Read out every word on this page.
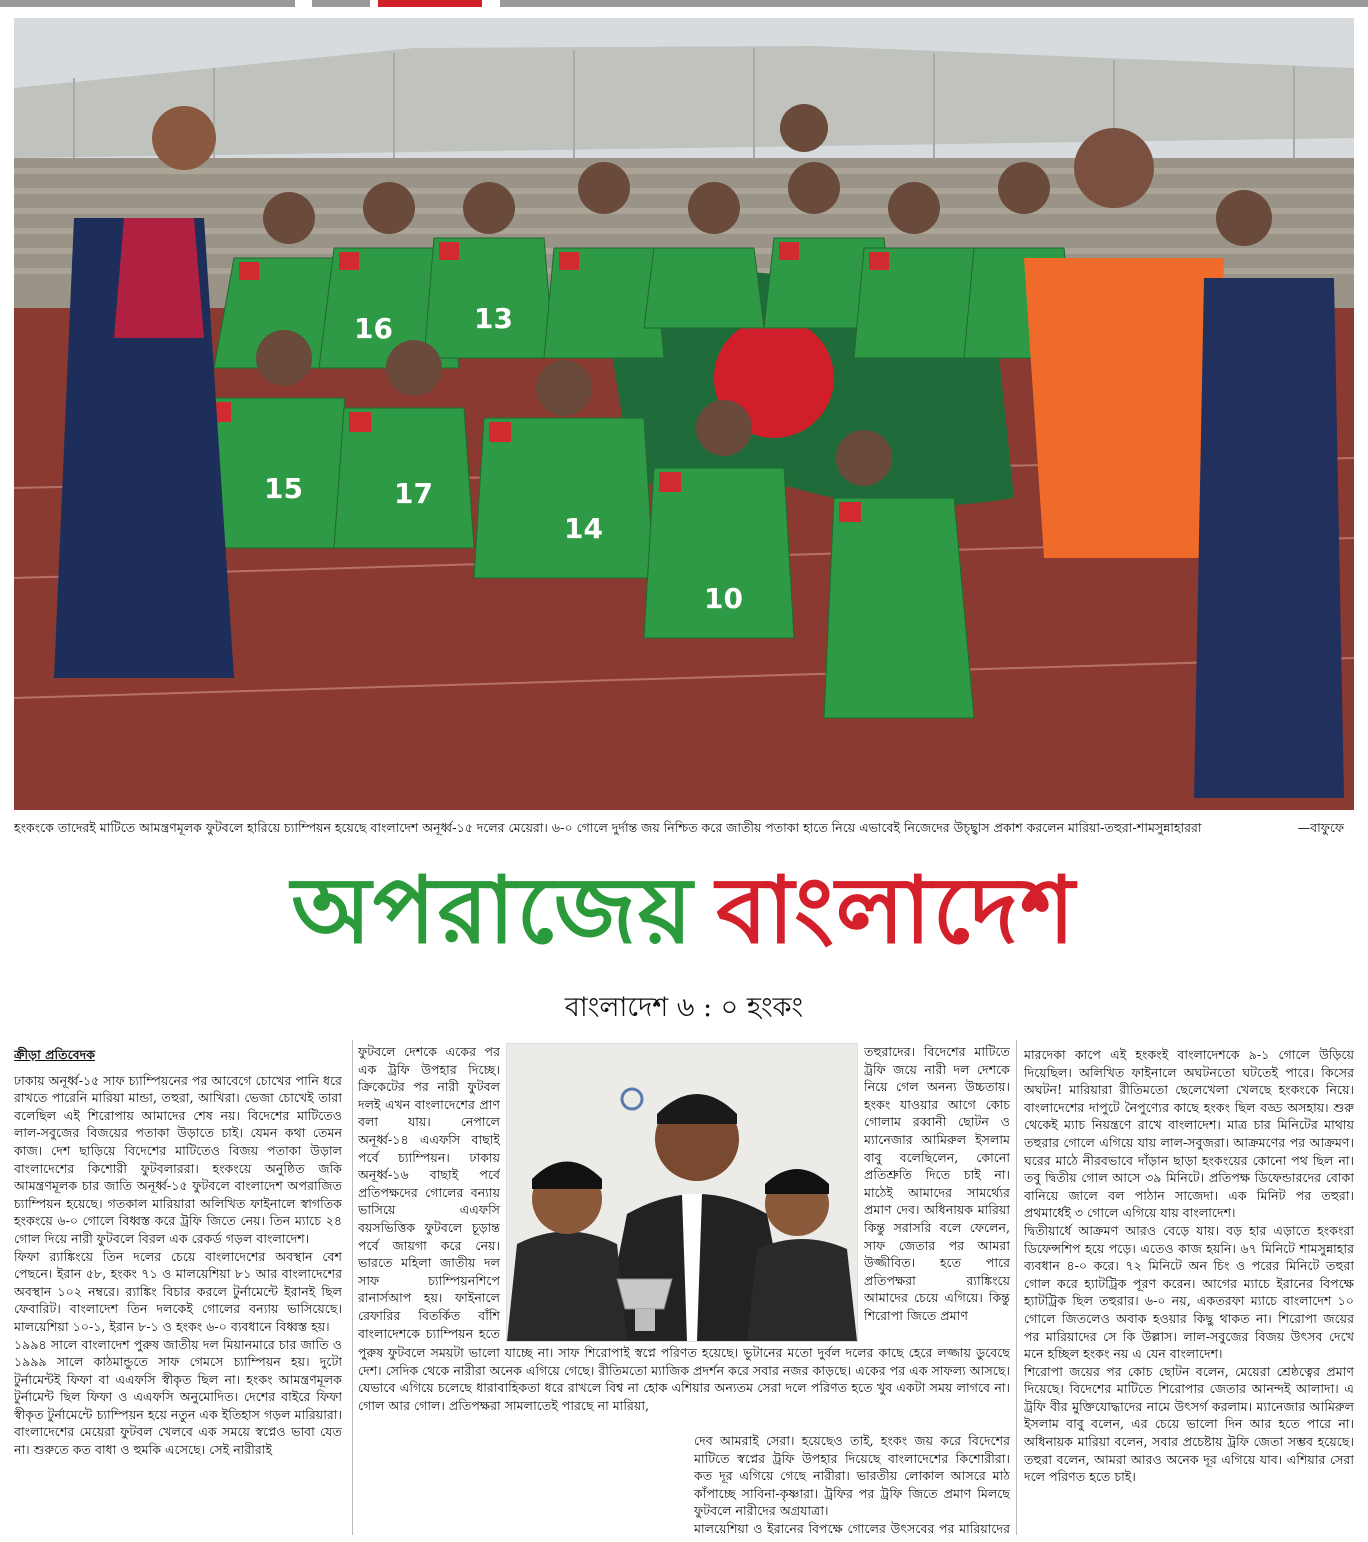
16	13
15	17
14
10
হংকংকে তাদেরই মাটিতে আমন্ত্রণমূলক ফুটবলে হারিয়ে চ্যাম্পিয়ন হয়েছে বাংলাদেশ অনূর্ধ্ব-১৫ দলের মেয়েরা। ৬-০ গোলে দুর্দান্ত জয় নিশ্চিত করে জাতীয় পতাকা হাতে নিয়ে এভাবেই নিজেদের উচ্ছ্বাস প্রকাশ করলেন মারিয়া-তহুরা-শামসুন্নাহাররা	—বাফুফে
অপরাজেয় বাংলাদেশ
বাংলাদেশ ৬ : ০ হংকং

ক্রীড়া প্রতিবেদক

ঢাকায় অনূর্ধ্ব-১৫ সাফ চ্যাম্পিয়নের পর আবেগে চোখের পানি ধরে রাখতে পারেনি মারিয়া মান্ডা, তহুরা, আখিরা। ভেজা চোখেই তারা বলেছিল এই শিরোপায় আমাদের শেষ নয়। বিদেশের মাটিতেও লাল-সবুজের বিজয়ের পতাকা উড়াতে চাই। যেমন কথা তেমন কাজ। দেশ ছাড়িয়ে বিদেশের মাটিতেও বিজয় পতাকা উড়াল বাংলাদেশের কিশোরী ফুটবলাররা। হংকংয়ে অনুষ্ঠিত জকি আমন্ত্রণমূলক চার জাতি অনূর্ধ্ব-১৫ ফুটবলে বাংলাদেশ অপরাজিত চ্যাম্পিয়ন হয়েছে। গতকাল মারিয়ারা অলিখিত ফাইনালে স্বাগতিক হংকংয়ে ৬-০ গোলে বিধ্বস্ত করে ট্রফি জিতে নেয়। তিন ম্যাচে ২৪ গোল দিয়ে নারী ফুটবলে বিরল এক রেকর্ড গড়ল বাংলাদেশ।

ফিফা র‍্যাঙ্কিংয়ে তিন দলের চেয়ে বাংলাদেশের অবস্থান বেশ পেছনে। ইরান ৫৮, হংকং ৭১ ও মালয়েশিয়া ৮১ আর বাংলাদেশের অবস্থান ১০২ নম্বরে। র‍্যাঙ্কিং বিচার করলে টুর্নামেন্টে ইরানই ছিল ফেবারিট। বাংলাদেশ তিন দলকেই গোলের বন্যায় ভাসিয়েছে। মালয়েশিয়া ১০-১, ইরান ৮-১ ও হংকং ৬-০ ব্যবধানে বিধ্বস্ত হয়।

১৯৯৪ সালে বাংলাদেশ পুরুষ জাতীয় দল মিয়ানমারে চার জাতি ও ১৯৯৯ সালে কাঠমান্ডুতে সাফ গেমসে চ্যাম্পিয়ন হয়। দুটো টুর্নামেন্টই ফিফা বা এএফসি স্বীকৃত ছিল না। হংকং আমন্ত্রণমূলক টুর্নামেন্ট ছিল ফিফা ও এএফসি অনুমোদিত। দেশের বাইরে ফিফা স্বীকৃত টুর্নামেন্টে চ্যাম্পিয়ন হয়ে নতুন এক ইতিহাস গড়ল মারিয়ারা।

বাংলাদেশের মেয়েরা ফুটবল খেলবে এক সময়ে স্বপ্নেও ভাবা যেত না। শুরুতে কত বাধা ও হুমকি এসেছে। সেই নারীরাই

ফুটবলে দেশকে একের পর এক ট্রফি উপহার দিচ্ছে। ক্রিকেটের পর নারী ফুটবল দলই এখন বাংলাদেশের প্রাণ বলা যায়। নেপালে অনূর্ধ্ব-১৪ এএফসি বাছাই পর্বে চ্যাম্পিয়ন। ঢাকায় অনূর্ধ্ব-১৬ বাছাই পর্বে প্রতিপক্ষদের গোলের বন্যায় ভাসিয়ে এএফসি বয়সভিত্তিক ফুটবলে চূড়ান্ত পর্বে জায়গা করে নেয়। ভারতে মহিলা জাতীয় দল সাফ চ্যাম্পিয়নশিপে রানার্সআপ হয়। ফাইনালে রেফারির বিতর্কিত বাঁশি বাংলাদেশকে চ্যাম্পিয়ন হতে

পুরুষ ফুটবলে সময়টা ভালো যাচ্ছে না। সাফ শিরোপাই স্বপ্নে পরিণত হয়েছে। ভুটানের মতো দুর্বল দলের কাছে হেরে লজ্জায় ডুবেছে দেশ। সেদিক থেকে নারীরা অনেক এগিয়ে গেছে। রীতিমতো ম্যাজিক প্রদর্শন করে সবার নজর কাড়ছে। একের পর এক সাফল্য আসছে। যেভাবে এগিয়ে চলেছে ধারাবাহিকতা ধরে রাখলে বিশ্ব না হোক এশিয়ার অন্যতম সেরা দলে পরিণত হতে খুব একটা সময় লাগবে না। গোল আর গোল। প্রতিপক্ষরা সামলাতেই পারছে না মারিয়া,

তহুরাদের। বিদেশের মাটিতে ট্রফি জয়ে নারী দল দেশকে নিয়ে গেল অনন্য উচ্চতায়। হংকং যাওয়ার আগে কোচ গোলাম রব্বানী ছোটন ও ম্যানেজার আমিরুল ইসলাম বাবু বলেছিলেন, কোনো প্রতিশ্রুতি দিতে চাই না। মাঠেই আমাদের সামর্থ্যের প্রমাণ দেব। অধিনায়ক মারিয়া কিন্তু সরাসরি বলে ফেলেন, সাফ জেতার পর আমরা উজ্জীবিত। হতে পারে প্রতিপক্ষরা র‍্যাঙ্কিংয়ে আমাদের চেয়ে এগিয়ে। কিন্তু শিরোপা জিতে প্রমাণ

দেব আমরাই সেরা। হয়েছেও তাই, হংকং জয় করে বিদেশের মাটিতে স্বপ্নের ট্রফি উপহার দিয়েছে বাংলাদেশের কিশোরীরা। কত দূর এগিয়ে গেছে নারীরা। ভারতীয় লোকাল আসরে মাঠ কাঁপাচ্ছে সাবিনা-কৃষ্ণারা। ট্রফির পর ট্রফি জিতে প্রমাণ মিলছে ফুটবলে নারীদের অগ্রযাত্রা।

মালয়েশিয়া ও ইরানের বিপক্ষে গোলের উৎসবের পর মারিয়াদের

মারদেকা কাপে এই হংকংই বাংলাদেশকে ৯-১ গোলে উড়িয়ে দিয়েছিল। অলিখিত ফাইনালে অঘটনতো ঘটতেই পারে। কিসের অঘটন! মারিয়ারা রীতিমতো ছেলেখেলা খেলছে হংকংকে নিয়ে। বাংলাদেশের দাপুটে নৈপুণ্যের কাছে হংকং ছিল বড্ড অসহায়। শুরু থেকেই ম্যাচ নিয়ন্ত্রণে রাখে বাংলাদেশ। মাত্র চার মিনিটের মাথায় তহুরার গোলে এগিয়ে যায় লাল-সবুজরা। আক্রমণের পর আক্রমণ। ঘরের মাঠে নীরবভাবে দাঁড়ান ছাড়া হংকংয়ের কোনো পথ ছিল না। তবু দ্বিতীয় গোল আসে ৩৯ মিনিটে। প্রতিপক্ষ ডিফেন্ডারদের বোকা বানিয়ে জালে বল পাঠান সাজেদা। এক মিনিট পর তহুরা। প্রথমার্ধেই ৩ গোলে এগিয়ে যায় বাংলাদেশ।

দ্বিতীয়ার্ধে আক্রমণ আরও বেড়ে যায়। বড় হার এড়াতে হংকংরা ডিফেন্সশিপ হয়ে পড়ে। এতেও কাজ হয়নি। ৬৭ মিনিটে শামসুন্নাহার ব্যবধান ৪-০ করে। ৭২ মিনিটে অন চিং ও পরের মিনিটে তহুরা গোল করে হ্যাটট্রিক পূরণ করেন। আগের ম্যাচে ইরানের বিপক্ষে হ্যাটট্রিক ছিল তহুরার। ৬-০ নয়, একতরফা ম্যাচে বাংলাদেশ ১০ গোলে জিতলেও অবাক হওয়ার কিছু থাকত না। শিরোপা জয়ের পর মারিয়াদের সে কি উল্লাস। লাল-সবুজের বিজয় উৎসব দেখে মনে হচ্ছিল হংকং নয় এ যেন বাংলাদেশ।

শিরোপা জয়ের পর কোচ ছোটন বলেন, মেয়েরা শ্রেষ্ঠত্বের প্রমাণ দিয়েছে। বিদেশের মাটিতে শিরোপার জেতার আনন্দই আলাদা। এ ট্রফি বীর মুক্তিযোদ্ধাদের নামে উৎসর্গ করলাম। ম্যানেজার আমিরুল ইসলাম বাবু বলেন, এর চেয়ে ভালো দিন আর হতে পারে না। অধিনায়ক মারিয়া বলেন, সবার প্রচেষ্টায় ট্রফি জেতা সম্ভব হয়েছে। তহুরা বলেন, আমরা আরও অনেক দূর এগিয়ে যাব। এশিয়ার সেরা দলে পরিণত হতে চাই।
